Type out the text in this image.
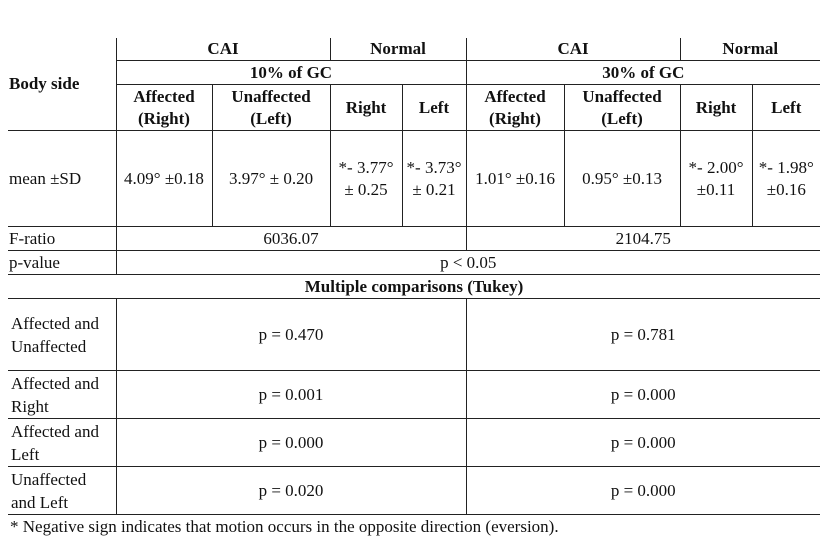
Body side	CAI		Normal		CAI		Normal	
	10% of GC				30% of GC			
	Affected (Right)	Unaffected (Left)	Right	Left	Affected (Right)	Unaffected (Left)	Right	Left
mean ±SD	4.09° ±0.18	3.97° ± 0.20	*- 3.77° ± 0.25	*- 3.73° ± 0.21	1.01° ±0.16	0.95° ±0.13	*- 2.00° ±0.11	*- 1.98° ±0.16
F-ratio	6036.07				2104.75			
p-value	p < 0.05							
Multiple comparisons (Tukey)								
Affected and Unaffected	p = 0.470				p = 0.781			
Affected and Right	p = 0.001				p = 0.000			
Affected and Left	p = 0.000				p = 0.000			
Unaffected and Left	p = 0.020				p = 0.000			
* Negative sign indicates that motion occurs in the opposite direction (eversion).
